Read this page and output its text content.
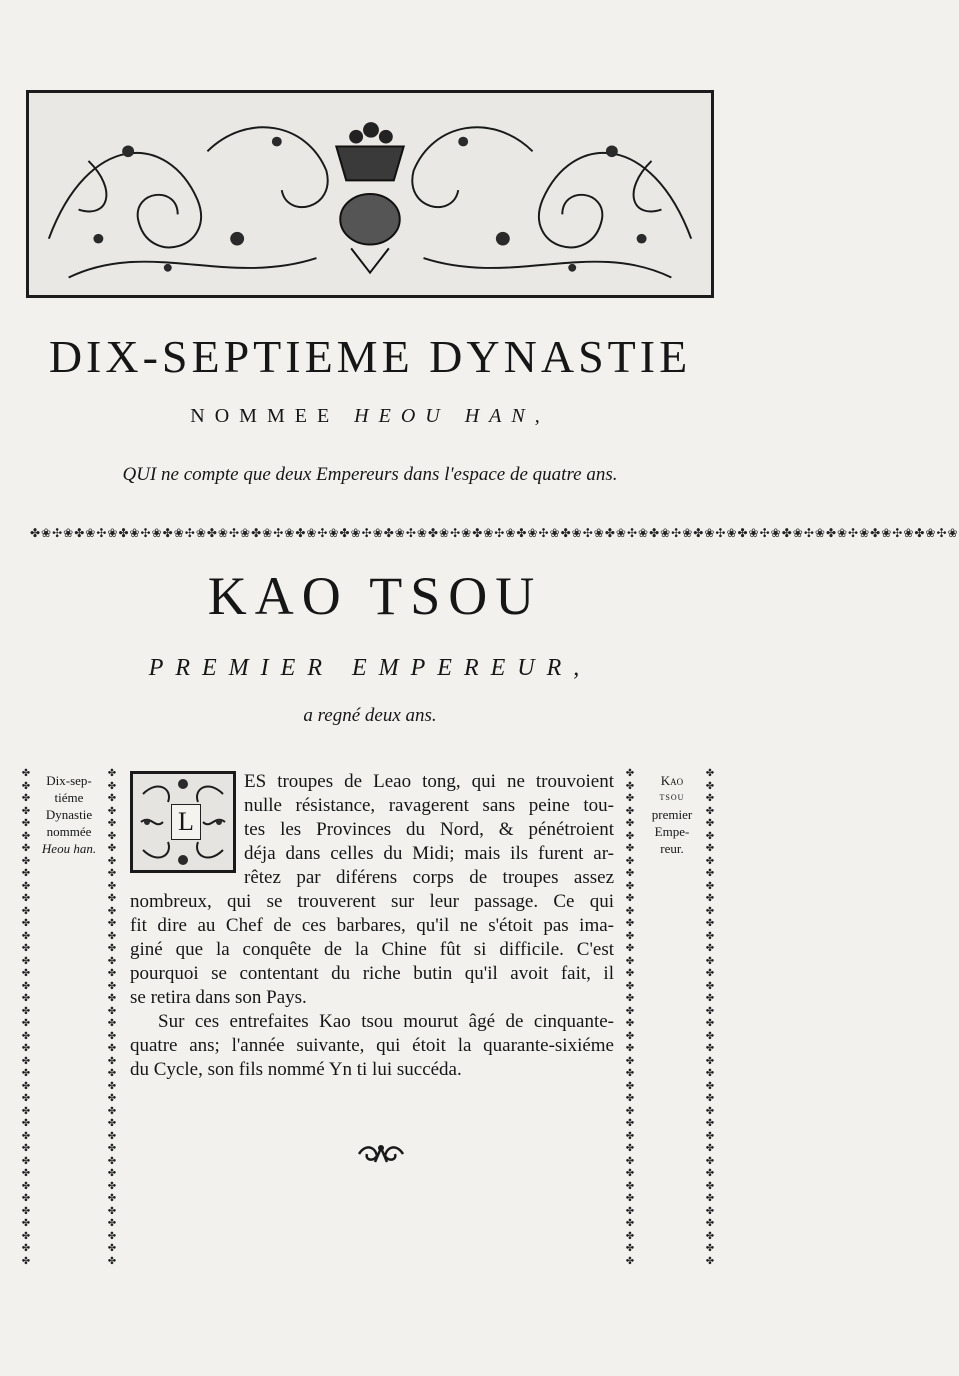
DIX-SEPTIEME DYNASTIE
NOMMEE HEOU HAN,
QUI ne compte que deux Empereurs dans l'espace de quatre ans.
✤❀✣❀✤❀✣❀✤❀✣❀✤❀✣❀✤❀✣❀✤❀✣❀✤❀✣❀✤❀✣❀✤❀✣❀✤❀✣❀✤❀✣❀✤❀✣❀✤❀✣❀✤❀✣❀✤❀✣❀✤❀✣❀✤❀✣❀✤❀✣❀✤❀✣❀✤❀✣❀✤❀✣❀
KAO TSOU
PREMIER EMPEREUR,
a regné deux ans.
✤
✤
✤
✤
✤
✤
✤
✤
✤
✤
✤
✤
✤
✤
✤
✤
✤
✤
✤
✤
✤
✤
✤
✤
✤
✤
✤
✤
✤
✤
✤
✤
✤
✤
✤
✤
✤
✤
✤
✤
✤
✤
✤
✤
✤
✤
✤
✤
✤
✤
✤
✤
✤
✤
✤
✤
✤
✤
✤
✤
✤
✤
✤
✤
✤
✤
✤
✤
✤
✤
✤
✤
✤
✤
✤
✤
✤
✤
✤
✤
✤
✤
✤
✤
✤
✤
✤
✤
✤
✤
✤
✤
✤
✤
✤
✤
✤
✤
✤
✤
✤
✤
✤
✤
✤
✤
✤
✤
✤
✤
✤
✤
✤
✤
✤
✤
✤
✤
✤
✤
✤
✤
✤
✤
✤
✤
✤
✤
✤
✤
✤
✤
✤
✤
✤
✤
✤
✤
✤
✤
✤
✤
✤
✤
✤
✤
✤
✤
✤
✤
✤
✤
✤
✤
✤
✤
✤
✤
✤
✤
Dix-sep-
tiéme
Dynastie
nommée
Heou han.
Kao
tsou
premier
Empe-
reur.
L
ES troupes de Leao tong, qui ne trouvoient
nulle résistance, ravagerent sans peine tou-
tes les Provinces du Nord, & pénétroient
déja dans celles du Midi; mais ils furent ar-
rêtez par diférens corps de troupes assez
nombreux, qui se trouverent sur leur passage. Ce qui
fit dire au Chef de ces barbares, qu'il ne s'étoit pas ima-
giné que la conquête de la Chine fût si difficile. C'est
pourquoi se contentant du riche butin qu'il avoit fait, il
se retira dans son Pays.
Sur ces entrefaites Kao tsou mourut âgé de cinquante-
quatre ans; l'année suivante, qui étoit la quarante-sixiéme
du Cycle, son fils nommé Yn ti lui succéda.
